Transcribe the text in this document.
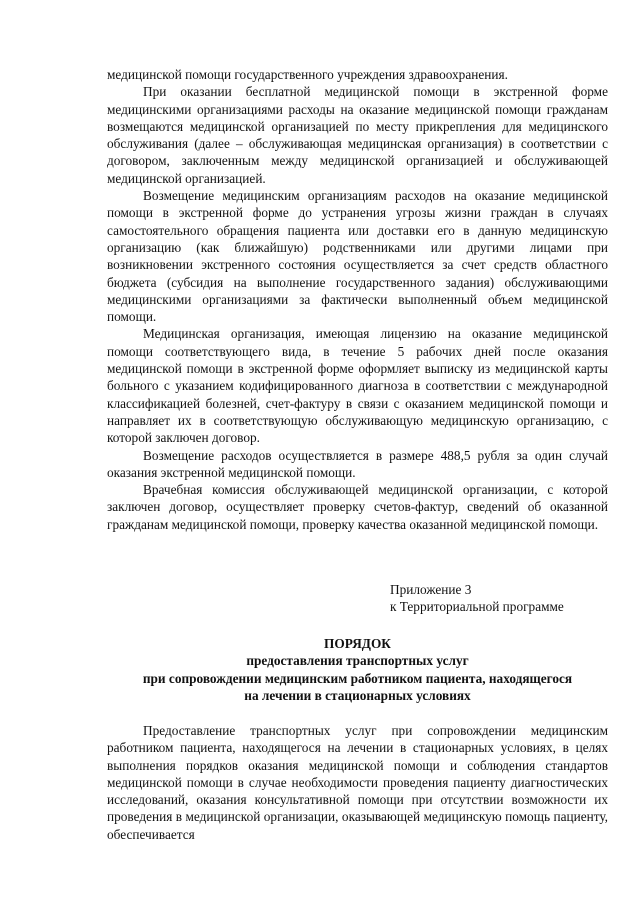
медицинской помощи государственного учреждения здравоохранения.

При оказании бесплатной медицинской помощи в экстренной форме медицинскими организациями расходы на оказание медицинской помощи гражданам возмещаются медицинской организацией по месту прикрепления для медицинского обслуживания (далее – обслуживающая медицинская организация) в соответствии с договором, заключенным между медицинской организацией и обслуживающей медицинской организацией.

Возмещение медицинским организациям расходов на оказание медицинской помощи в экстренной форме до устранения угрозы жизни граждан в случаях самостоятельного обращения пациента или доставки его в данную медицинскую организацию (как ближайшую) родственниками или другими лицами при возникновении экстренного состояния осуществляется за счет средств областного бюджета (субсидия на выполнение государственного задания) обслуживающими медицинскими организациями за фактически выполненный объем медицинской помощи.

Медицинская организация, имеющая лицензию на оказание медицинской помощи соответствующего вида, в течение 5 рабочих дней после оказания медицинской помощи в экстренной форме оформляет выписку из медицинской карты больного с указанием кодифицированного диагноза в соответствии с международной классификацией болезней, счет-фактуру в связи с оказанием медицинской помощи и направляет их в соответствующую обслуживающую медицинскую организацию, с которой заключен договор.

Возмещение расходов осуществляется в размере 488,5 рубля за один случай оказания экстренной медицинской помощи.

Врачебная комиссия обслуживающей медицинской организации, с которой заключен договор, осуществляет проверку счетов-фактур, сведений об оказанной гражданам медицинской помощи, проверку качества оказанной медицинской помощи.

Приложение 3
к Территориальной программе
ПОРЯДОК
предоставления транспортных услуг
при сопровождении медицинским работником пациента, находящегося
на лечении в стационарных условиях

Предоставление транспортных услуг при сопровождении медицинским работником пациента, находящегося на лечении в стационарных условиях, в целях выполнения порядков оказания медицинской помощи и соблюдения стандартов медицинской помощи в случае необходимости проведения пациенту диагностических исследований, оказания консультативной помощи при отсутствии возможности их проведения в медицинской организации, оказывающей медицинскую помощь пациенту, обеспечивается
